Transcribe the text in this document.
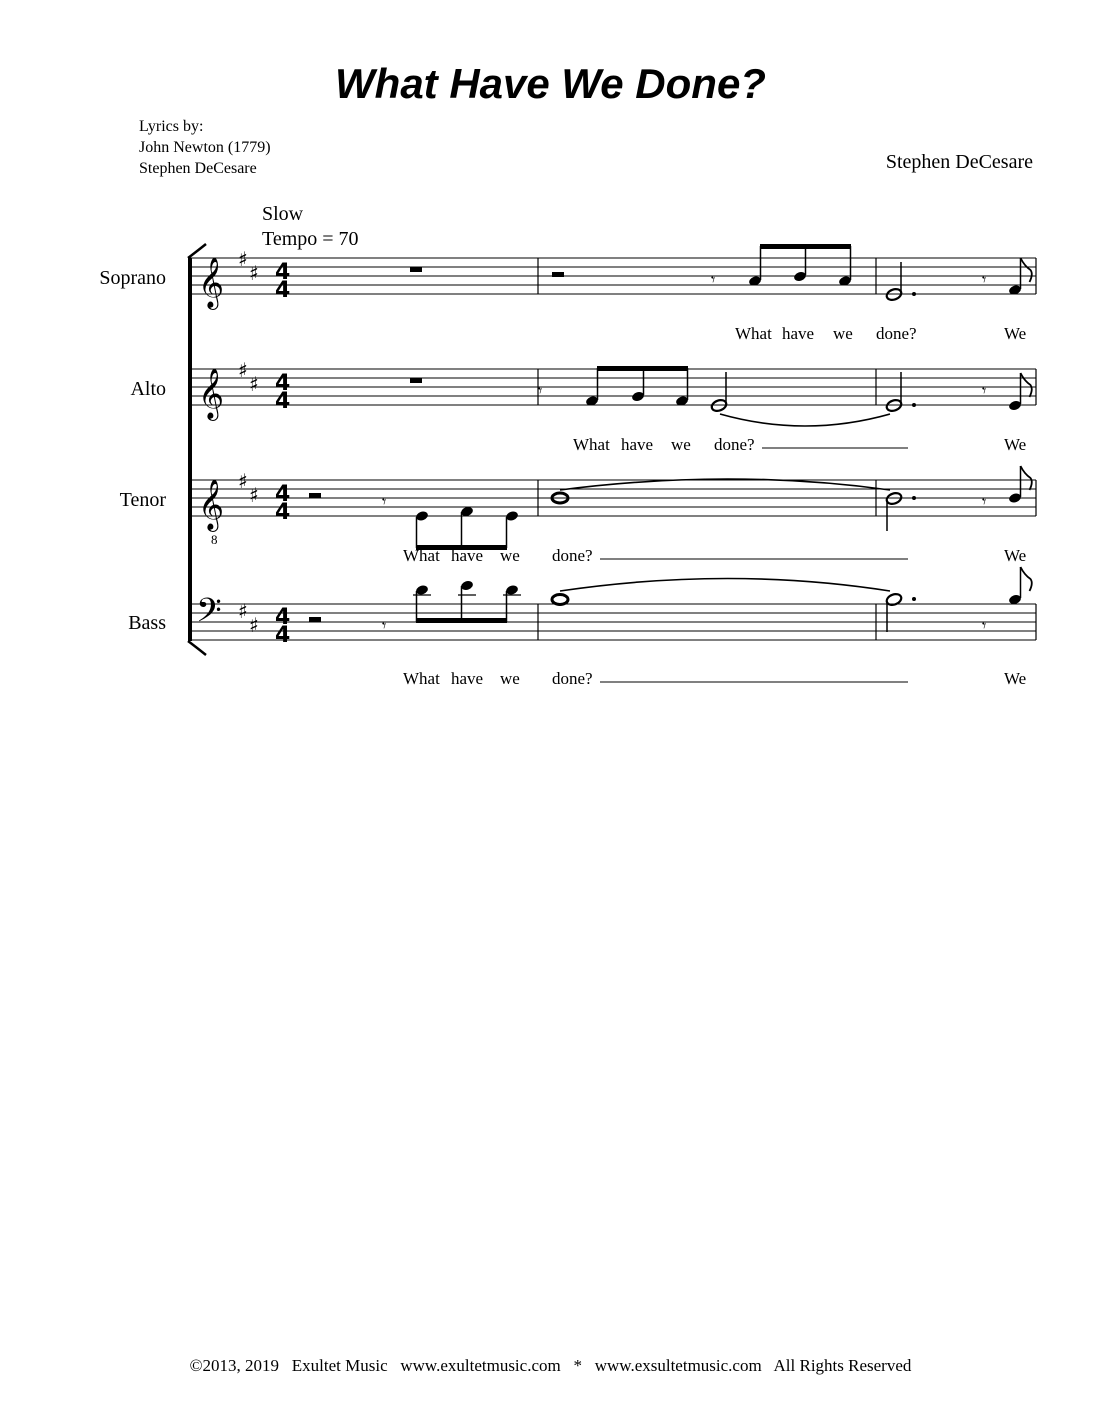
What Have We Done?
Lyrics by:
John Newton (1779)
Stephen DeCesare	Stephen DeCesare
Slow
Tempo = 70
Soprano
Alto
Tenor
Bass
𝄞
𝄞
𝄞
8
𝄢
♯
♯
♯
♯
♯
♯
♯
♯
4
4
4
4
4
4
4
4
𝄾	𝄾
𝄾	𝄾
𝄾	𝄾
𝄾	𝄾
What have we done?	We
What have we done?	We
What have we done?	We
What have we done?	We
©2013, 2019   Exultet Music   www.exultetmusic.com   *   www.exsultetmusic.com   All Rights Reserved
